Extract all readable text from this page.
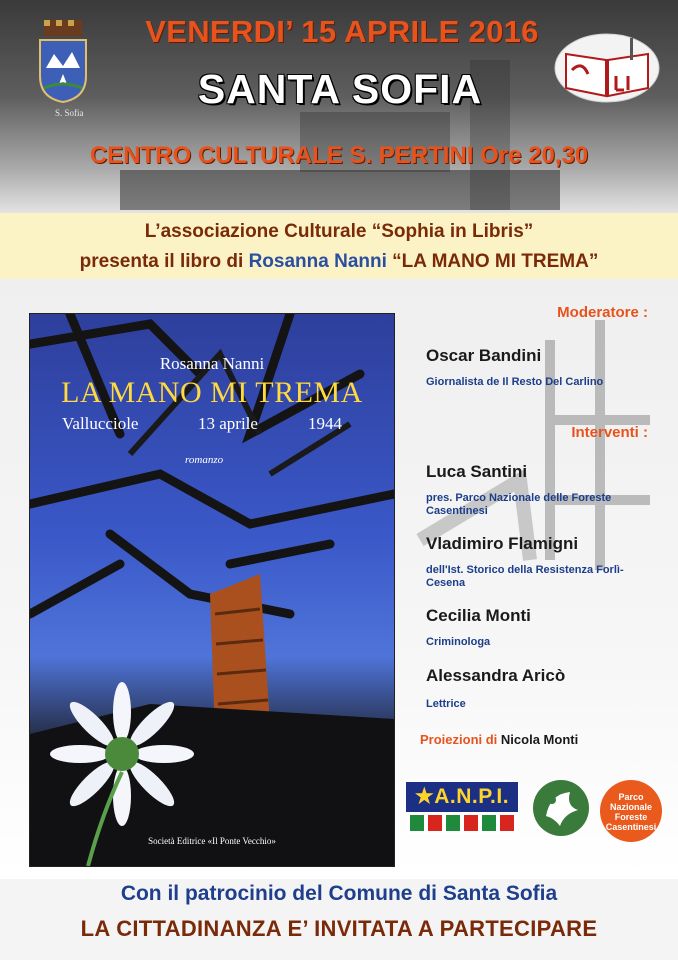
S. Sofia
VENERDI’ 15 APRILE 2016
SANTA SOFIA
CENTRO CULTURALE S. PERTINI Ore 20,30
L’associazione Culturale “Sophia in Libris”
presenta il libro di Rosanna Nanni “LA MANO MI TREMA”
Rosanna Nanni
LA MANO MI TREMA
Vallucciole	13 aprile	1944
romanzo
Società Editrice «Il Ponte Vecchio»
Moderatore :
Oscar Bandini
Giornalista de Il Resto Del Carlino
Interventi :
Luca Santini
pres. Parco Nazionale delle Foreste Casentinesi
Vladimiro Flamigni
dell'Ist. Storico della Resistenza Forlì-Cesena
Cecilia Monti
Criminologa
Alessandra Aricò
Lettrice
Proiezioni di Nicola Monti
★A.N.P.I.	Parco Nazionale Foreste Casentinesi
Con il patrocinio del Comune di Santa Sofia
LA CITTADINANZA E’ INVITATA A PARTECIPARE
